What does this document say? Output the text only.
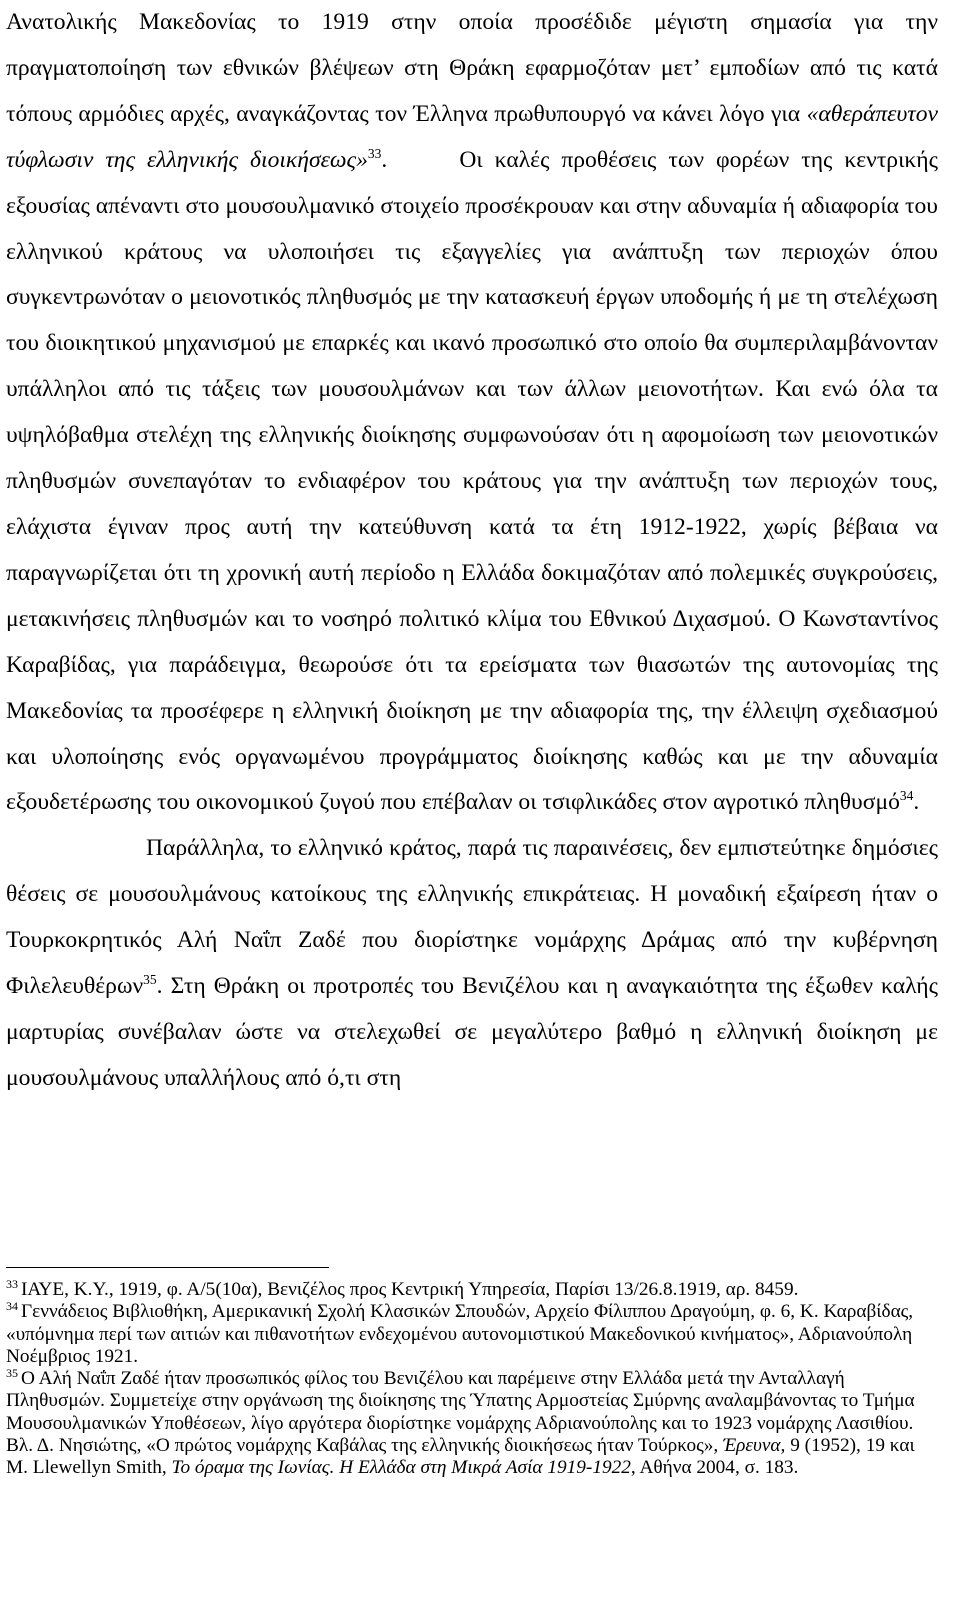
Ανατολικής Μακεδονίας το 1919 στην οποία προσέδιδε μέγιστη σημασία για την πραγματοποίηση των εθνικών βλέψεων στη Θράκη εφαρμοζόταν μετ’ εμποδίων από τις κατά τόπους αρμόδιες αρχές, αναγκάζοντας τον Έλληνα πρωθυπουργό να κάνει λόγο για «αθεράπευτον τύφλωσιν της ελληνικής διοικήσεως»$^{33}$.	Οι καλές προθέσεις των φορέων της κεντρικής εξουσίας απέναντι στο μουσουλμανικό στοιχείο προσέκρουαν και στην αδυναμία ή αδιαφορία του ελληνικού κράτους να υλοποιήσει τις εξαγγελίες για ανάπτυξη των περιοχών όπου συγκεντρωνόταν ο μειονοτικός πληθυσμός με την κατασκευή έργων υποδομής ή με τη στελέχωση του διοικητικού μηχανισμού με επαρκές και ικανό προσωπικό στο οποίο θα συμπεριλαμβάνονταν υπάλληλοι από τις τάξεις των μουσουλμάνων και των άλλων μειονοτήτων. Και ενώ όλα τα υψηλόβαθμα στελέχη της ελληνικής διοίκησης συμφωνούσαν ότι η αφομοίωση των μειονοτικών πληθυσμών συνεπαγόταν το ενδιαφέρον του κράτους για την ανάπτυξη των περιοχών τους, ελάχιστα έγιναν προς αυτή την κατεύθυνση κατά τα έτη 1912-1922, χωρίς βέβαια να παραγνωρίζεται ότι τη χρονική αυτή περίοδο η Ελλάδα δοκιμαζόταν από πολεμικές συγκρούσεις, μετακινήσεις πληθυσμών και το νοσηρό πολιτικό κλίμα του Εθνικού Διχασμού. Ο Κωνσταντίνος Καραβίδας, για παράδειγμα, θεωρούσε ότι τα ερείσματα των θιασωτών της αυτονομίας της Μακεδονίας τα προσέφερε η ελληνική διοίκηση με την αδιαφορία της, την έλλειψη σχεδιασμού και υλοποίησης ενός οργανωμένου προγράμματος διοίκησης καθώς και με την αδυναμία εξουδετέρωσης του οικονομικού ζυγού που επέβαλαν οι τσιφλικάδες στον αγροτικό πληθυσμό$^{34}$.

Παράλληλα, το ελληνικό κράτος, παρά τις παραινέσεις, δεν εμπιστεύτηκε δημόσιες θέσεις σε μουσουλμάνους κατοίκους της ελληνικής επικράτειας. Η μοναδική εξαίρεση ήταν ο Τουρκοκρητικός Αλή Ναΐπ Ζαδέ που διορίστηκε νομάρχης Δράμας από την κυβέρνηση Φιλελευθέρων$^{35}$. Στη Θράκη οι προτροπές του Βενιζέλου και η αναγκαιότητα της έξωθεν καλής μαρτυρίας συνέβαλαν ώστε να στελεχωθεί σε μεγαλύτερο βαθμό η ελληνική διοίκηση με μουσουλμάνους υπαλλήλους από ό,τι στη

$^{33}$ ΙΑΥΕ, Κ.Υ., 1919, φ. Α/5(10α), Βενιζέλος προς Κεντρική Υπηρεσία, Παρίσι 13/26.8.1919, αρ. 8459.

$^{34}$ Γεννάδειος Βιβλιοθήκη, Αμερικανική Σχολή Κλασικών Σπουδών, Αρχείο Φίλιππου Δραγούμη, φ. 6, Κ. Καραβίδας, «υπόμνημα περί των αιτιών και πιθανοτήτων ενδεχομένου αυτονομιστικού Μακεδονικού κινήματος», Αδριανούπολη Νοέμβριος 1921.

$^{35}$ Ο Αλή Ναΐπ Ζαδέ ήταν προσωπικός φίλος του Βενιζέλου και παρέμεινε στην Ελλάδα μετά την Ανταλλαγή Πληθυσμών. Συμμετείχε στην οργάνωση της διοίκησης της Ύπατης Αρμοστείας Σμύρνης αναλαμβάνοντας το Τμήμα Μουσουλμανικών Υποθέσεων, λίγο αργότερα διορίστηκε νομάρχης Αδριανούπολης και το 1923 νομάρχης Λασιθίου. Βλ. Δ. Νησιώτης, «Ο πρώτος νομάρχης Καβάλας της ελληνικής διοικήσεως ήταν Τούρκος», Έρευνα, 9 (1952), 19 και M. Llewellyn Smith, Το όραμα της Ιωνίας. Η Ελλάδα στη Μικρά Ασία 1919-1922, Αθήνα 2004, σ. 183.
